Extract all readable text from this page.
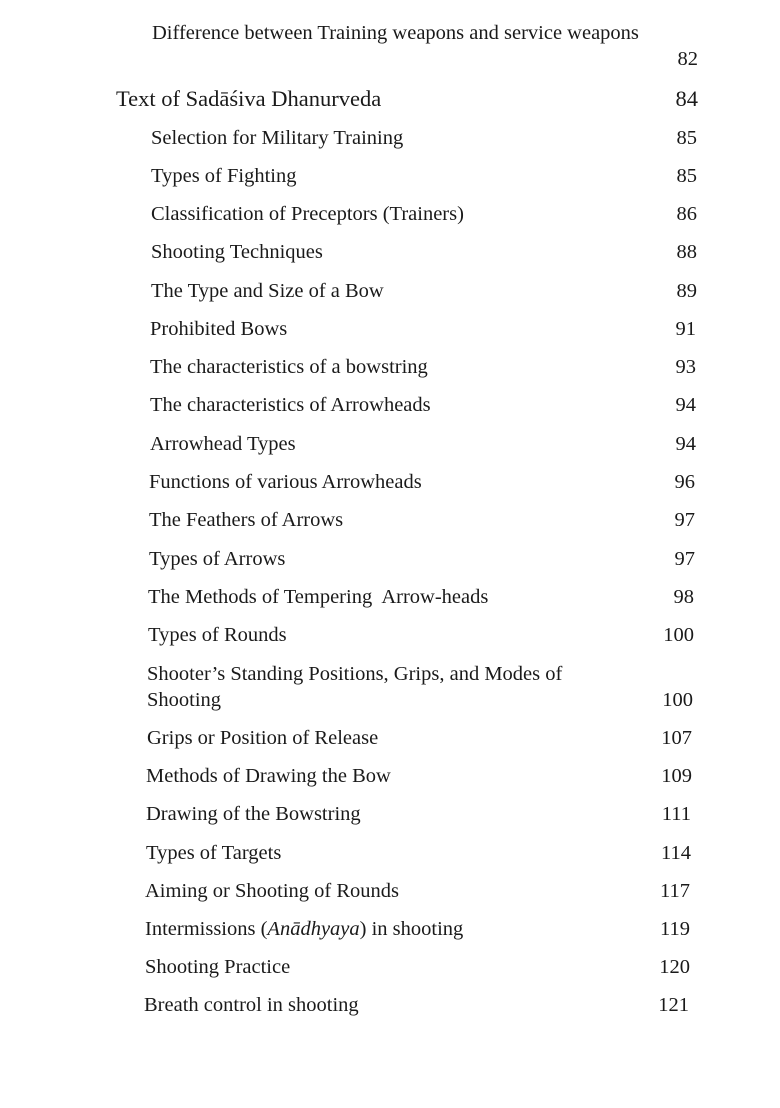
Difference between Training weapons and service weapons
82
Text of Sadāśiva Dhanurveda	84
Selection for Military Training	85
Types of Fighting	85
Classification of Preceptors (Trainers)	86
Shooting Techniques	88
The Type and Size of a Bow	89
Prohibited Bows	91
The characteristics of a bowstring	93
The characteristics of Arrowheads	94
Arrowhead Types	94
Functions of various Arrowheads	96
The Feathers of Arrows	97
Types of Arrows	97
The Methods of Tempering  Arrow-heads	98
Types of Rounds	100
Shooter’s Standing Positions, Grips, and Modes of
Shooting	100
Grips or Position of Release	107
Methods of Drawing the Bow	109
Drawing of the Bowstring	111
Types of Targets	114
Aiming or Shooting of Rounds	117
Intermissions (Anādhyaya) in shooting	119
Shooting Practice	120
Breath control in shooting	121
